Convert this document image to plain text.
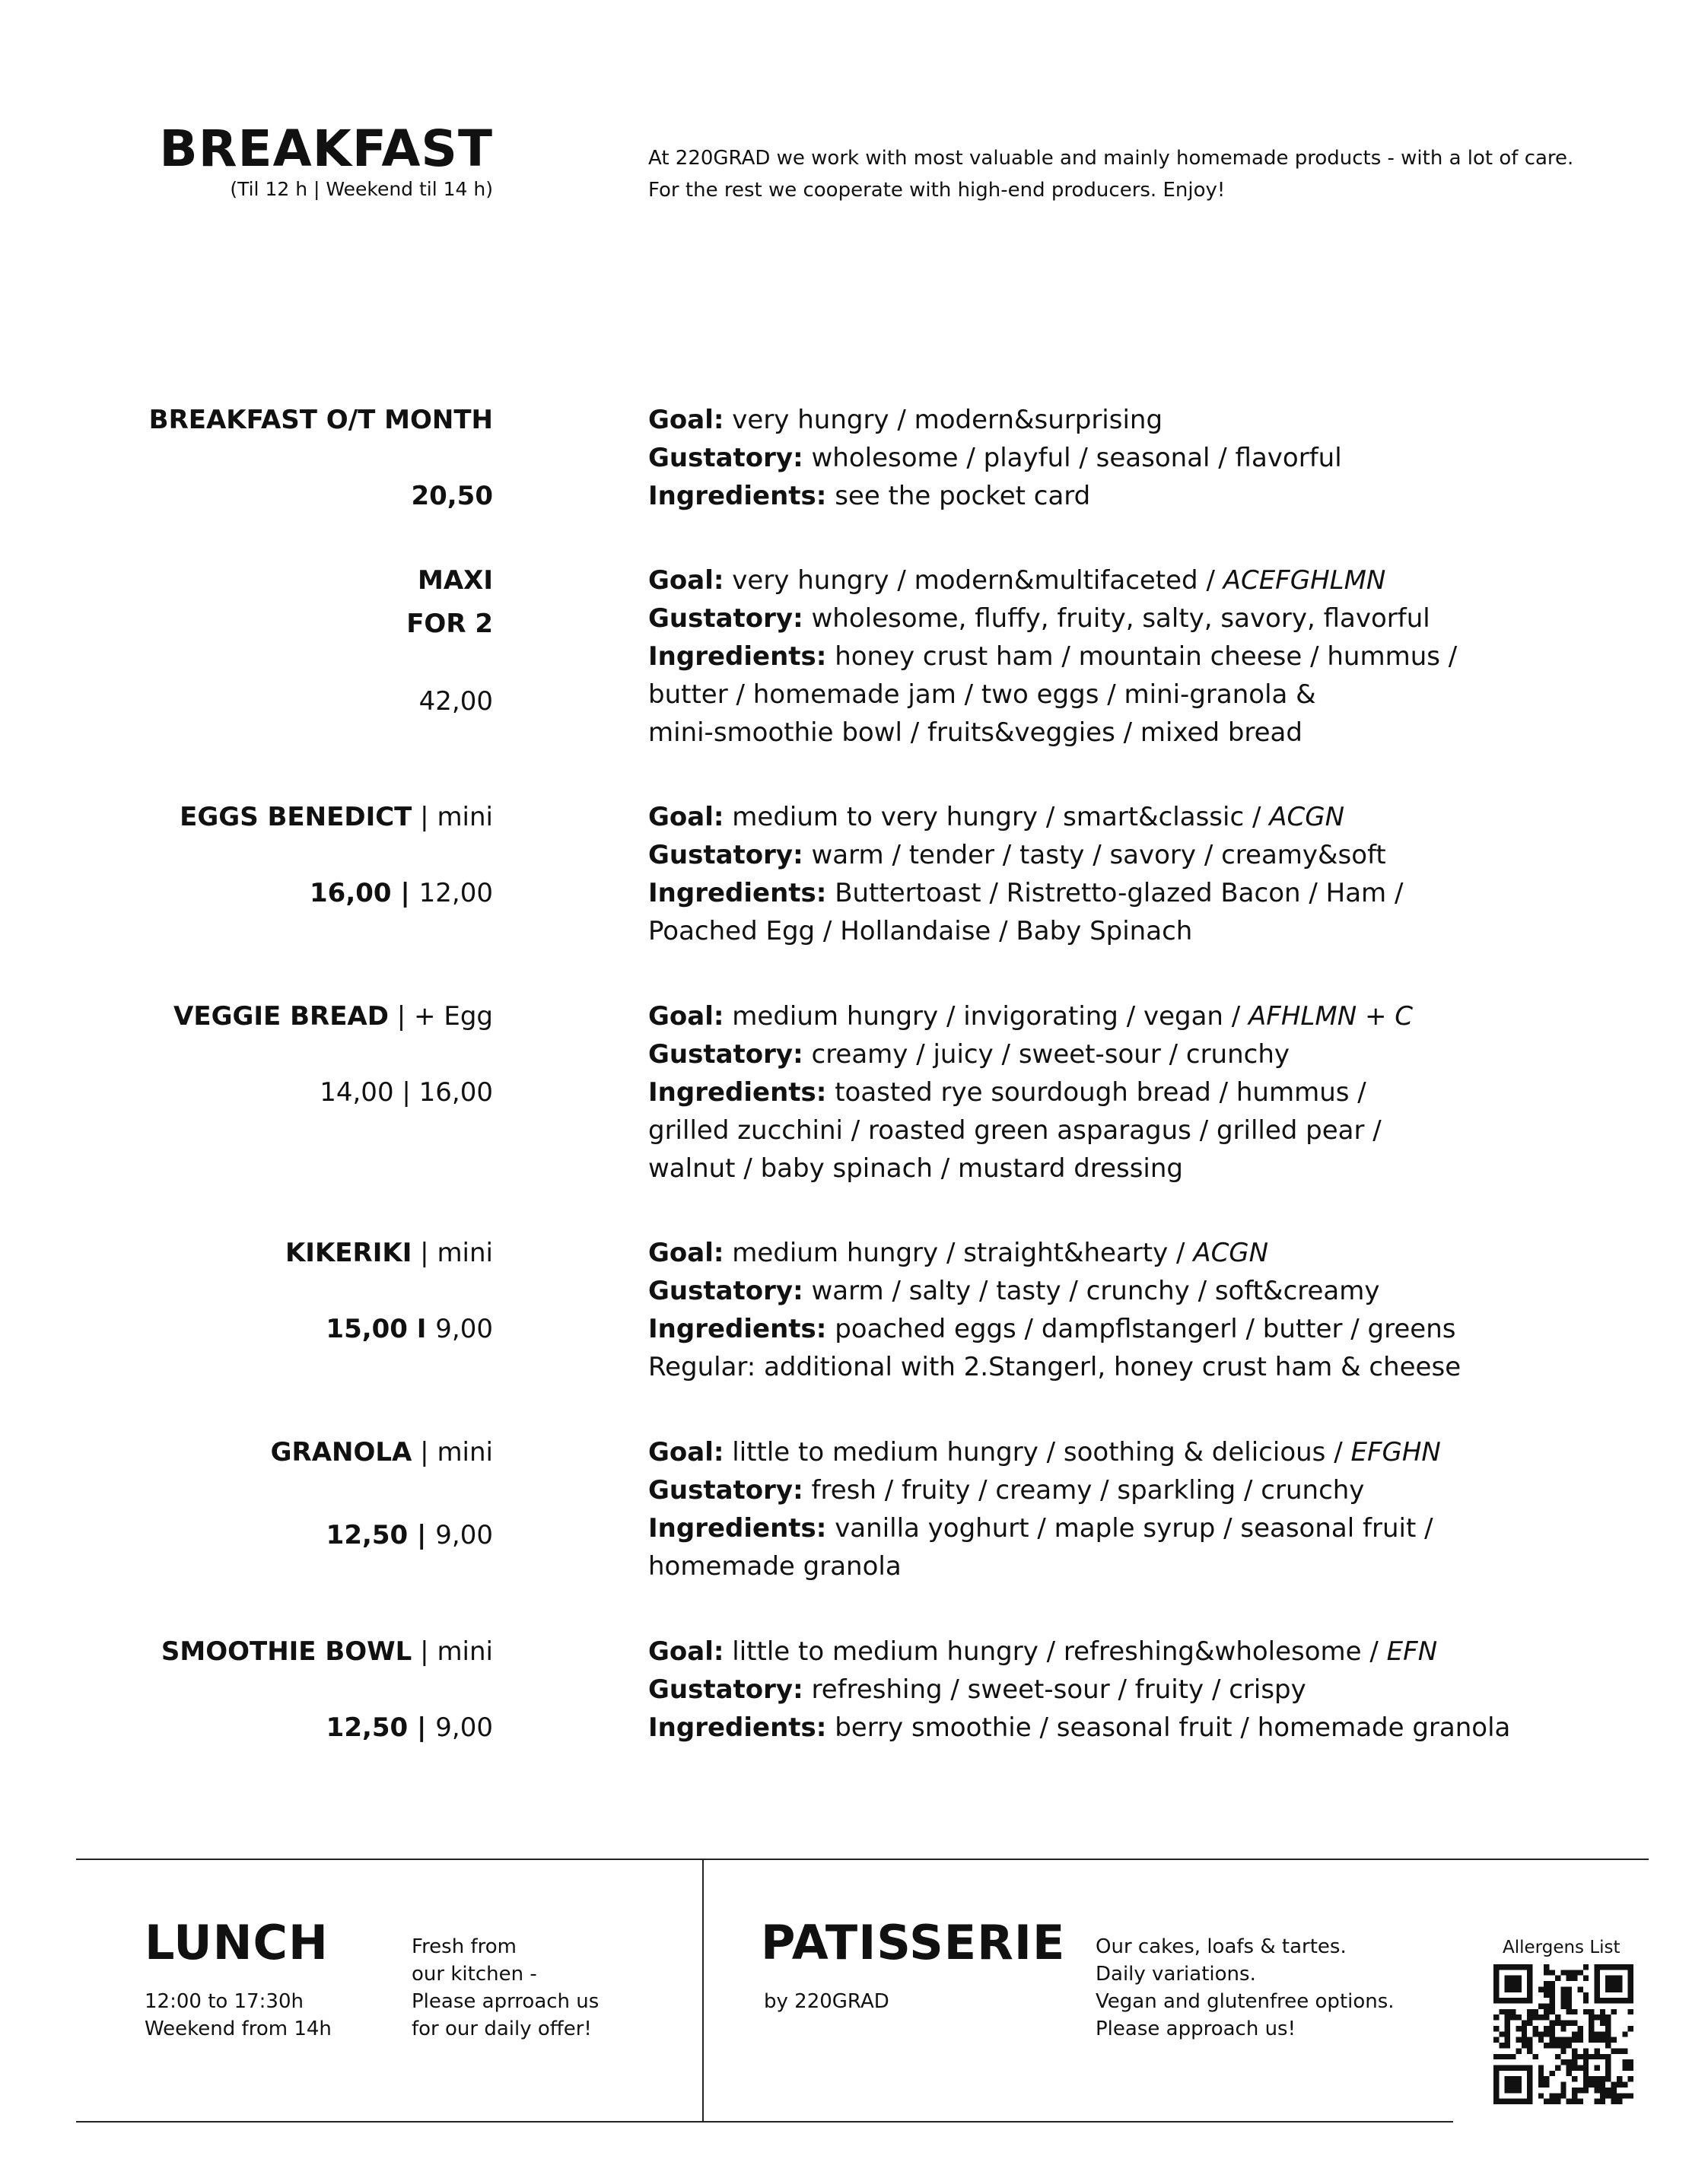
BREAKFAST
(Til 12 h | Weekend til 14 h)
At 220GRAD we work with most valuable and mainly homemade products - with a lot of care.
For the rest we cooperate with high-end producers. Enjoy!
BREAKFAST O/T MONTH
20,50
Goal: very hungry / modern&surprising
Gustatory: wholesome / playful / seasonal / flavorful
Ingredients: see the pocket card
MAXI
FOR 2
42,00
Goal: very hungry / modern&multifaceted / ACEFGHLMN
Gustatory: wholesome, fluffy, fruity, salty, savory, flavorful
Ingredients: honey crust ham / mountain cheese / hummus /
butter / homemade jam / two eggs / mini-granola &
mini-smoothie bowl / fruits&veggies / mixed bread
EGGS BENEDICT | mini
16,00 | 12,00
Goal: medium to very hungry / smart&classic / ACGN
Gustatory: warm / tender / tasty / savory / creamy&soft
Ingredients: Buttertoast / Ristretto-glazed Bacon / Ham /
Poached Egg / Hollandaise / Baby Spinach
VEGGIE BREAD | + Egg
14,00 | 16,00
Goal: medium hungry / invigorating / vegan / AFHLMN + C
Gustatory: creamy / juicy / sweet-sour / crunchy
Ingredients: toasted rye sourdough bread / hummus /
grilled zucchini / roasted green asparagus / grilled pear /
walnut / baby spinach / mustard dressing
KIKERIKI | mini
15,00 I 9,00
Goal: medium hungry / straight&hearty / ACGN
Gustatory: warm / salty / tasty / crunchy / soft&creamy
Ingredients: poached eggs / dampflstangerl / butter / greens
Regular: additional with 2.Stangerl, honey crust ham & cheese
GRANOLA | mini
12,50 | 9,00
Goal: little to medium hungry / soothing & delicious / EFGHN
Gustatory: fresh / fruity / creamy / sparkling / crunchy
Ingredients: vanilla yoghurt / maple syrup / seasonal fruit /
homemade granola
SMOOTHIE BOWL | mini
12,50 | 9,00
Goal: little to medium hungry / refreshing&wholesome / EFN
Gustatory: refreshing / sweet-sour / fruity / crispy
Ingredients: berry smoothie / seasonal fruit / homemade granola
LUNCH
12:00 to 17:30h
Weekend from 14h
Fresh from
our kitchen -
Please aprroach us
for our daily offer!
PATISSERIE
by 220GRAD
Our cakes, loafs & tartes.
Daily variations.
Vegan and glutenfree options.
Please approach us!
Allergens List
